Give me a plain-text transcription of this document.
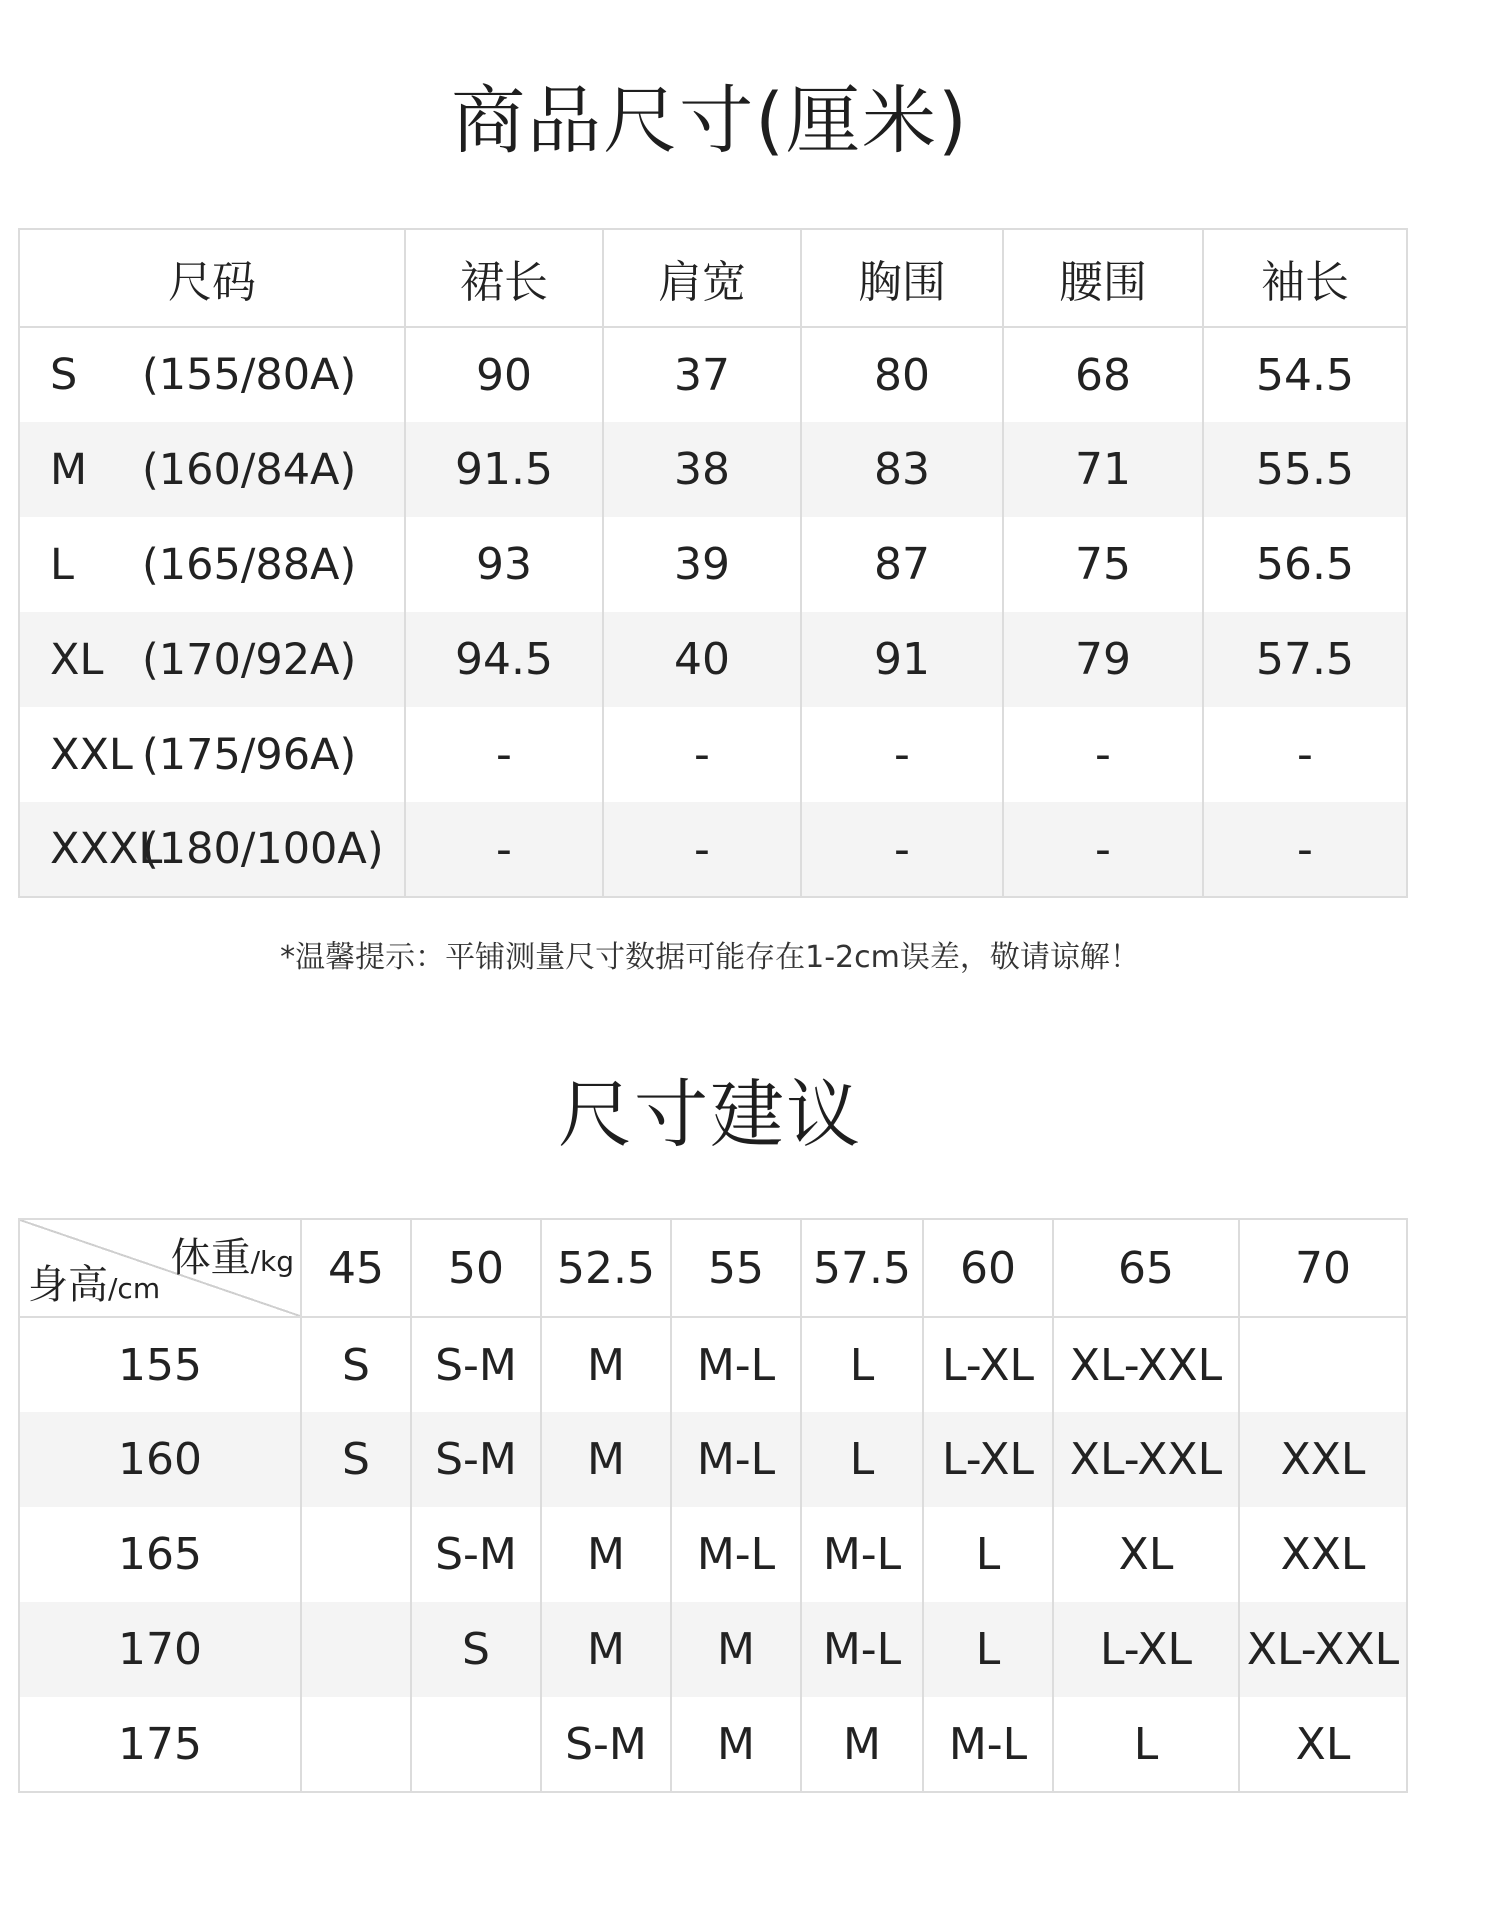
商品尺寸(厘米)
尺码	裙长	肩宽	胸围	腰围	袖长
S (155/80A)	90	37	80	68	54.5
M (160/84A)	91.5	38	83	71	55.5
L (165/88A)	93	39	87	75	56.5
XL (170/92A)	94.5	40	91	79	57.5
XXL (175/96A)	-	-	-	-	-
XXXL(180/100A)	-	-	-	-	-
*温馨提示：平铺测量尺寸数据可能存在1-2cm误差，敬请谅解！
尺寸建议
体重/kg
身高/cm	45	50	52.5	55	57.5	60	65	70
155	S	S-M	M	M-L	L	L-XL	XL-XXL	
160	S	S-M	M	M-L	L	L-XL	XL-XXL	XXL
165		S-M	M	M-L	M-L	L	XL	XXL
170		S	M	M	M-L	L	L-XL	XL-XXL
175			S-M	M	M	M-L	L	XL
